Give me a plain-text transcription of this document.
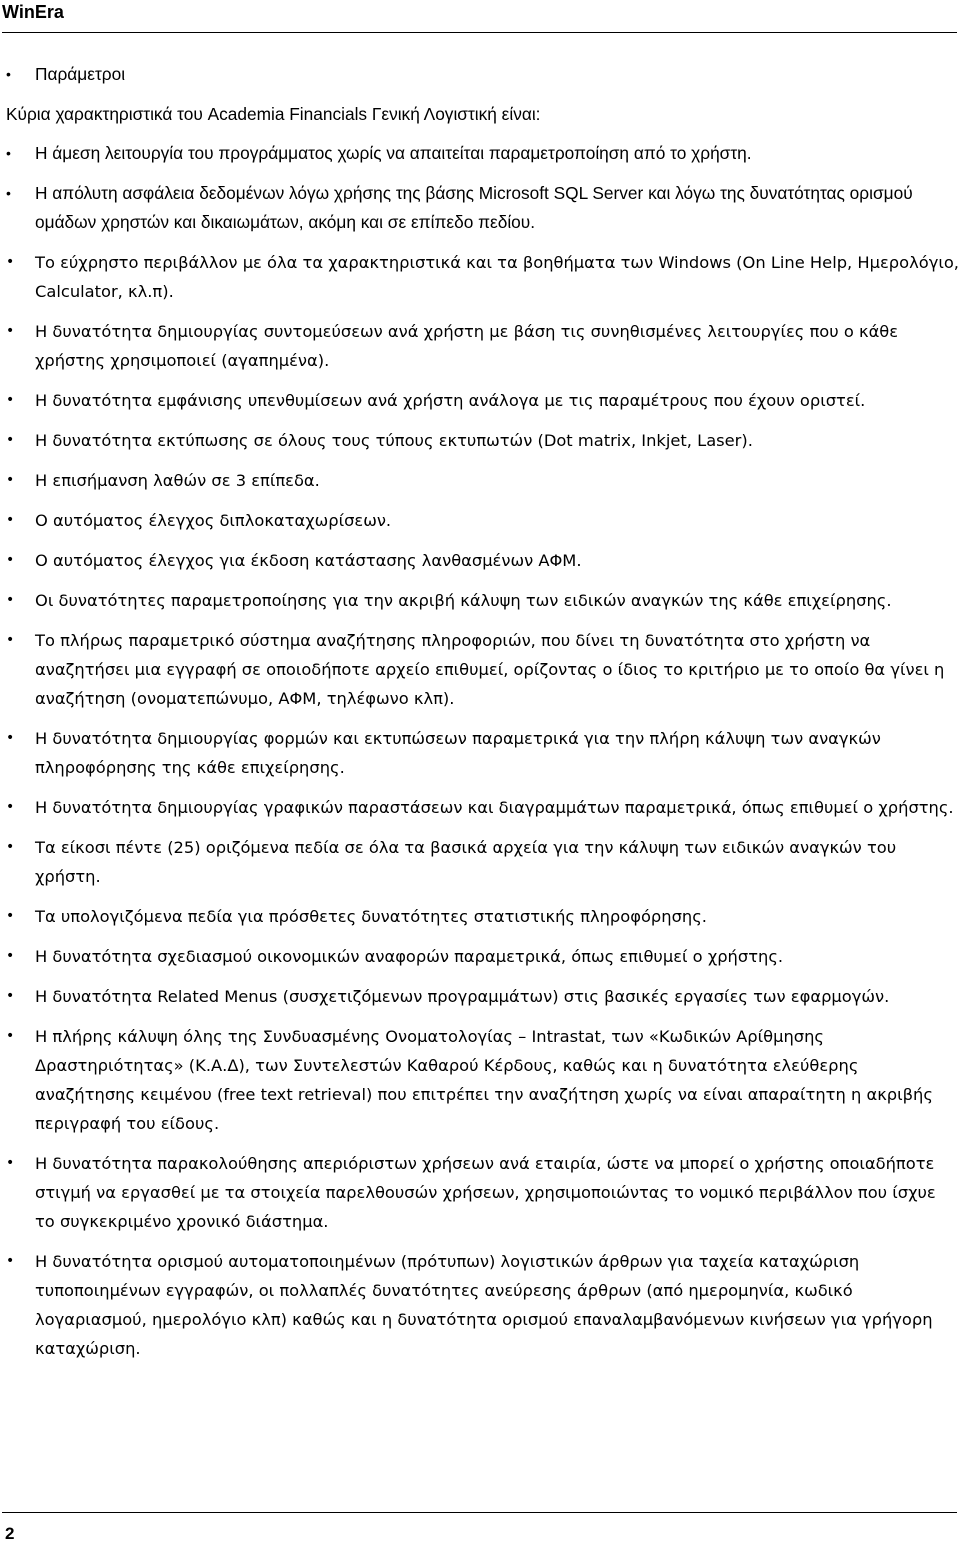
WinEra
• Παράμετροι
Κύρια χαρακτηριστικά του Academia Financials Γενική Λογιστική είναι:
• Η άμεση λειτουργία του προγράμματος χωρίς να απαιτείται παραμετροποίηση από το χρήστη.
• Η απόλυτη ασφάλεια δεδομένων λόγω χρήσης της βάσης Microsoft SQL Server και λόγω της δυνατότητας ορισμού ομάδων χρηστών και δικαιωμάτων, ακόμη και σε επίπεδο πεδίου.
• Το εύχρηστο περιβάλλον με όλα τα χαρακτηριστικά και τα βοηθήματα των Windows (On Line Help, Ημερολόγιο, Calculator, κλ.π).
• Η δυνατότητα δημιουργίας συντομεύσεων ανά χρήστη με βάση τις συνηθισμένες λειτουργίες που ο κάθε χρήστης χρησιμοποιεί (αγαπημένα).
• Η δυνατότητα εμφάνισης υπενθυμίσεων ανά χρήστη ανάλογα με τις παραμέτρους που έχουν οριστεί.
• Η δυνατότητα εκτύπωσης σε όλους τους τύπους εκτυπωτών (Dot matrix, Inkjet, Laser).
• Η επισήμανση λαθών σε 3 επίπεδα.
• Ο αυτόματος έλεγχος διπλοκαταχωρίσεων.
• Ο αυτόματος έλεγχος για έκδοση κατάστασης λανθασμένων ΑΦΜ.
• Οι δυνατότητες παραμετροποίησης για την ακριβή κάλυψη των ειδικών αναγκών της κάθε επιχείρησης.
• Το πλήρως παραμετρικό σύστημα αναζήτησης πληροφοριών, που δίνει τη δυνατότητα στο χρήστη να αναζητήσει μια εγγραφή σε οποιοδήποτε αρχείο επιθυμεί, ορίζοντας ο ίδιος το κριτήριο με το οποίο θα γίνει η αναζήτηση (ονοματεπώνυμο, ΑΦΜ, τηλέφωνο κλπ).
• Η δυνατότητα δημιουργίας φορμών και εκτυπώσεων παραμετρικά για την πλήρη κάλυψη των αναγκών πληροφόρησης της κάθε επιχείρησης.
• Η δυνατότητα δημιουργίας γραφικών παραστάσεων και διαγραμμάτων παραμετρικά, όπως επιθυμεί ο χρήστης.
• Τα είκοσι πέντε (25) οριζόμενα πεδία σε όλα τα βασικά αρχεία για την κάλυψη των ειδικών αναγκών του χρήστη.
• Τα υπολογιζόμενα πεδία για πρόσθετες δυνατότητες στατιστικής πληροφόρησης.
• Η δυνατότητα σχεδιασμού οικονομικών αναφορών παραμετρικά, όπως επιθυμεί ο χρήστης.
• Η δυνατότητα Related Menus (συσχετιζόμενων προγραμμάτων) στις βασικές εργασίες των εφαρμογών.
• Η πλήρης κάλυψη όλης της Συνδυασμένης Ονοματολογίας – Intrastat, των «Κωδικών Αρίθμησης Δραστηριότητας» (Κ.Α.Δ), των Συντελεστών Καθαρού Κέρδους, καθώς και η δυνατότητα ελεύθερης αναζήτησης κειμένου (free text retrieval) που επιτρέπει την αναζήτηση χωρίς να είναι απαραίτητη η ακριβής περιγραφή του είδους.
• Η δυνατότητα παρακολούθησης απεριόριστων χρήσεων ανά εταιρία, ώστε να μπορεί ο χρήστης οποιαδήποτε στιγμή να εργασθεί με τα στοιχεία παρελθουσών χρήσεων, χρησιμοποιώντας το νομικό περιβάλλον που ίσχυε το συγκεκριμένο χρονικό διάστημα.
• Η δυνατότητα ορισμού αυτοματοποιημένων (πρότυπων) λογιστικών άρθρων για ταχεία καταχώριση τυποποιημένων εγγραφών, οι πολλαπλές δυνατότητες ανεύρεσης άρθρων (από ημερομηνία, κωδικό λογαριασμού, ημερολόγιο κλπ) καθώς και η δυνατότητα ορισμού επαναλαμβανόμενων κινήσεων για γρήγορη καταχώριση.
2
